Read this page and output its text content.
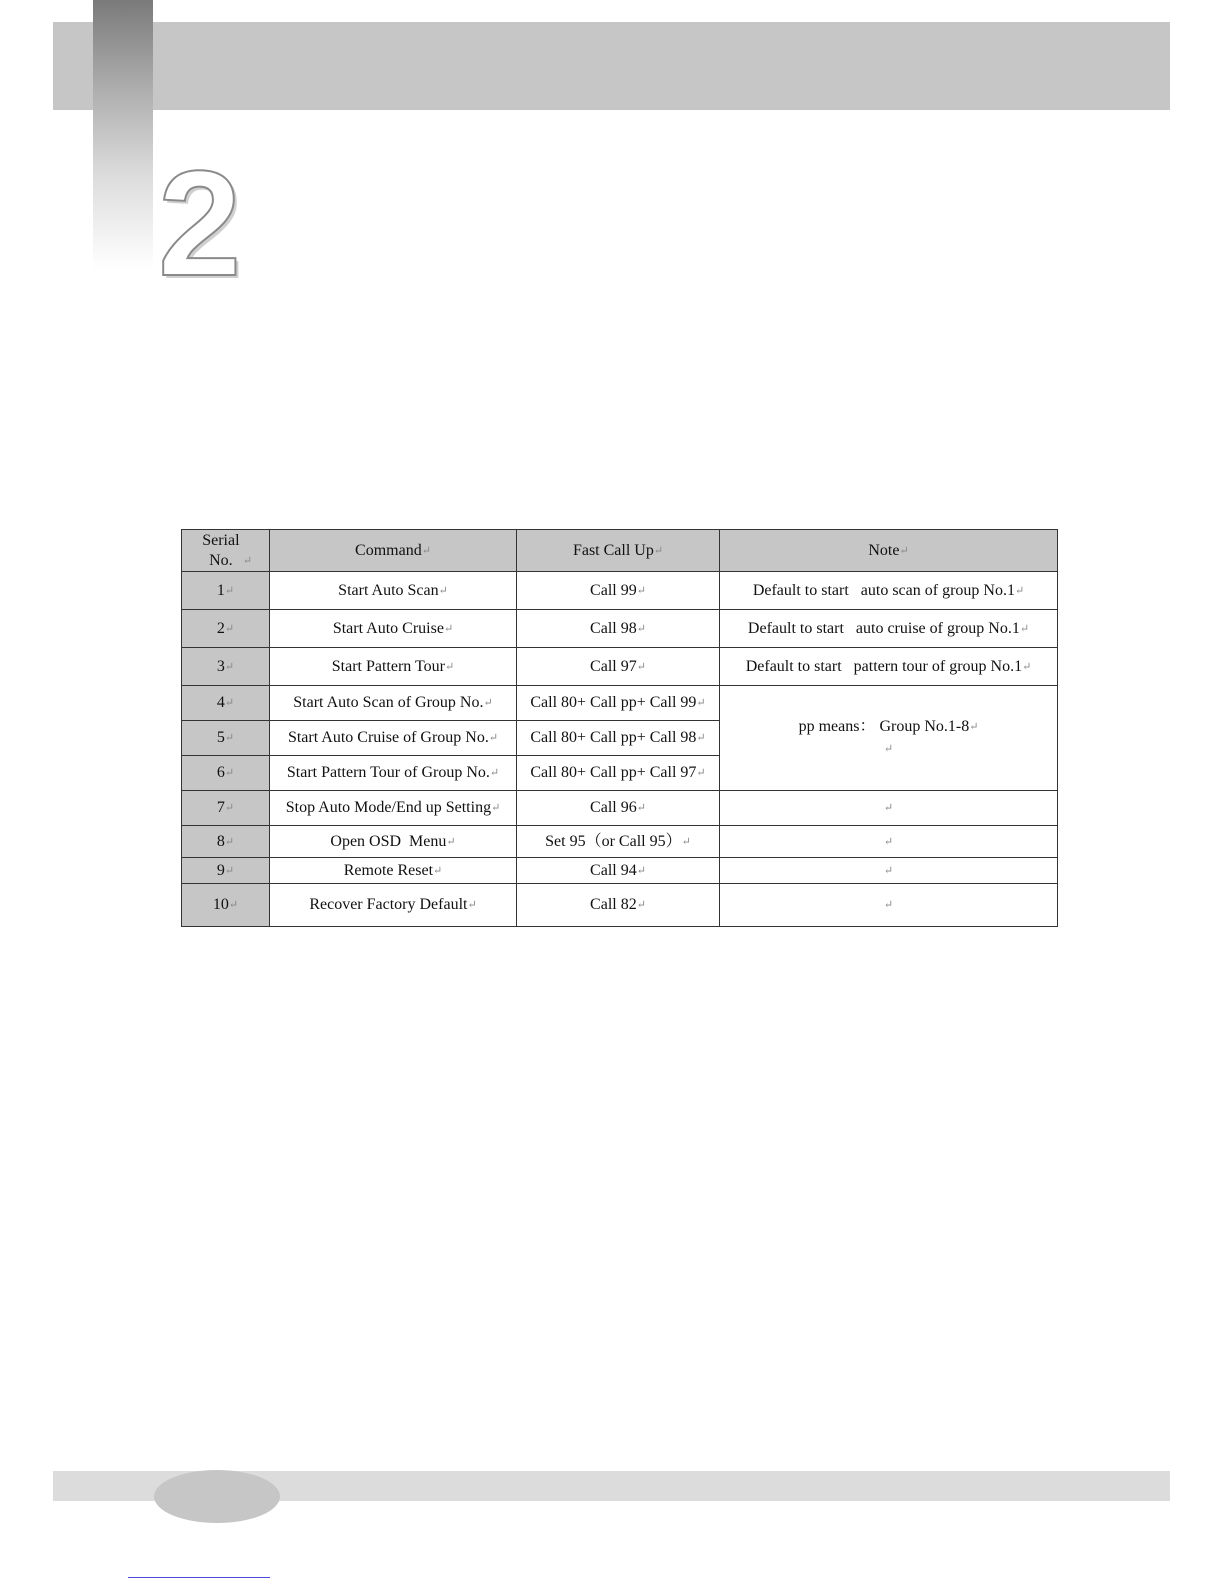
2
Serial No. ↵	Command↵	Fast Call Up↵	Note↵
1↵	Start Auto Scan↵	Call 99↵	Default to start   auto scan of group No.1↵
2↵	Start Auto Cruise↵	Call 98↵	Default to start   auto cruise of group No.1↵
3↵	Start Pattern Tour↵	Call 97↵	Default to start   pattern tour of group No.1↵
4↵	Start Auto Scan of Group No.↵	Call 80+ Call pp+ Call 99↵	pp means： Group No.1-8↵
↵
5↵	Start Auto Cruise of Group No.↵	Call 80+ Call pp+ Call 98↵	
6↵	Start Pattern Tour of Group No.↵	Call 80+ Call pp+ Call 97↵	
7↵	Stop Auto Mode/End up Setting↵	Call 96↵	↵
8↵	Open OSD  Menu↵	Set 95（or Call 95）↵	↵
9↵	Remote Reset↵	Call 94↵	↵
10↵	Recover Factory Default↵	Call 82↵	↵
